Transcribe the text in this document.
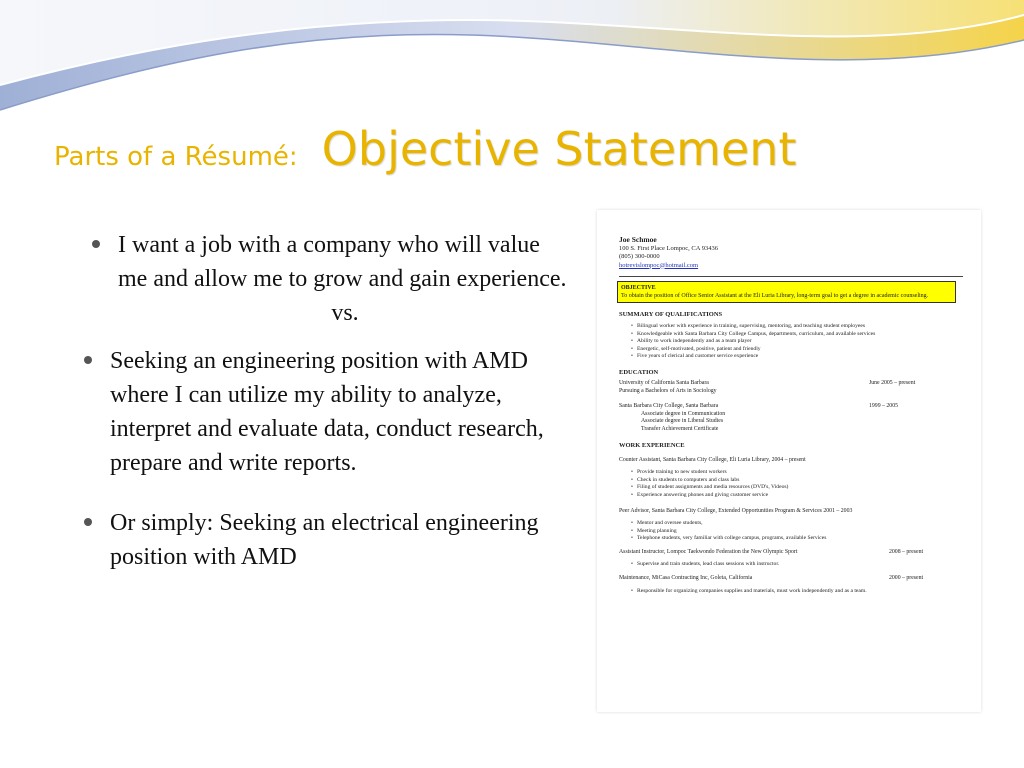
Parts of a Résumé: Objective Statement

I want a job with a company who will value me and allow me to grow and gain experience.

vs.

Seeking an engineering position with AMD where I can utilize my ability to analyze, interpret and evaluate data, conduct research, prepare and write reports.

Or simply: Seeking an electrical engineering position with AMD

Joe Schmoe
100 S. First Place Lompoc, CA 93436
(805) 300-0000
hotrevislompoc@hotmail.com
OBJECTIVE
To obtain the position of Office Senior Assistant at the Eli Luria Library, long-term goal to get a degree in academic counseling.
SUMMARY OF QUALIFICATIONS
• Bilingual worker with experience in training, supervising, mentoring, and teaching student employees
• Knowledgeable with Santa Barbara City College Campus, departments, curriculum, and available services
• Ability to work independently and as a team player
• Energetic, self-motivated, positive, patient and friendly
• Five years of clerical and customer service experience
EDUCATION
University of California Santa Barbara	June 2005 – present
Pursuing a Bachelors of Arts in Sociology
Santa Barbara City College, Santa Barbara	1999 – 2005
Associate degree in Communication
Associate degree in Liberal Studies
Transfer Achievement Certificate
WORK EXPERIENCE
Counter Assistant, Santa Barbara City College, Eli Luria Library, 2004 – present
• Provide training to new student workers
• Check in students to computers and class labs
• Filing of student assignments and media resources (DVD's, Videos)
• Experience answering phones and giving customer service
Peer Advisor, Santa Barbara City College, Extended Opportunities Program & Services 2001 – 2003
• Mentor and oversee students,
• Meeting planning
• Telephone students, very familiar with college campus, programs, available Services
Assistant Instructor, Lompoc Taekwondo Federation the New Olympic Sport	2008 – present
• Supervise and train students, lead class sessions with instructor.
Maintenance, MiCasa Contracting Inc, Goleta, California	2000 – present
• Responsible for organizing companies supplies and materials, must work independently and as a team.
